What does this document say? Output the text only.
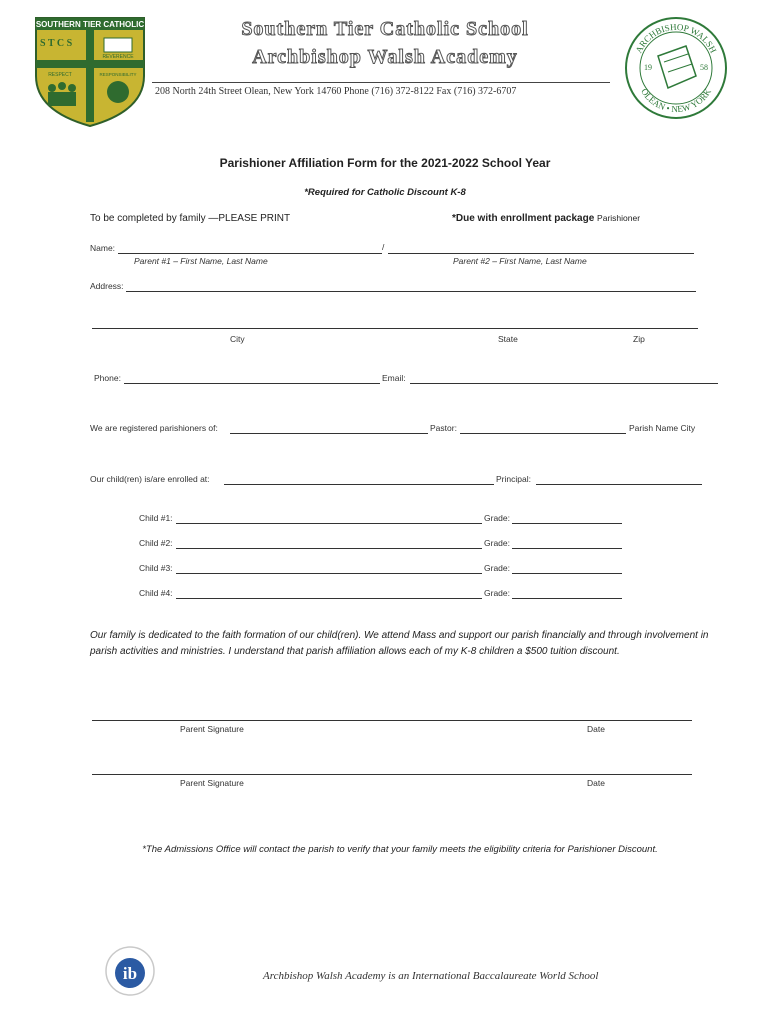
SOUTHERN TIER CATHOLIC
S T C S
REVERENCE
RESPECT	RESPONSIBILITY
Southern Tier Catholic School
Archbishop Walsh Academy
208 North 24th Street Olean, New York 14760 Phone (716) 372-8122 Fax (716) 372-6707
ARCHBISHOP WALSH
OLEAN • NEW YORK
19	58
Parishioner Affiliation Form for the 2021-2022 School Year
*Required for Catholic Discount K-8
To be completed by family —PLEASE PRINT	*Due with enrollment package Parishioner
Name:	/
Parent #1 – First Name, Last Name	Parent #2 – First Name, Last Name
Address:
City	State	Zip
Phone:	Email:
We are registered parishioners of:	Pastor:	Parish Name City
Our child(ren) is/are enrolled at:	Principal:
Child #1:	Grade:
Child #2:	Grade:
Child #3:	Grade:
Child #4:	Grade:
Our family is dedicated to the faith formation of our child(ren). We attend Mass and support our parish financially and through involvement in parish activities and ministries. I understand that parish affiliation allows each of my K-8 children a $500 tuition discount.
Parent Signature	Date
Parent Signature	Date
*The Admissions Office will contact the parish to verify that your family meets the eligibility criteria for Parishioner Discount.
ib	Archbishop Walsh Academy is an International Baccalaureate World School
